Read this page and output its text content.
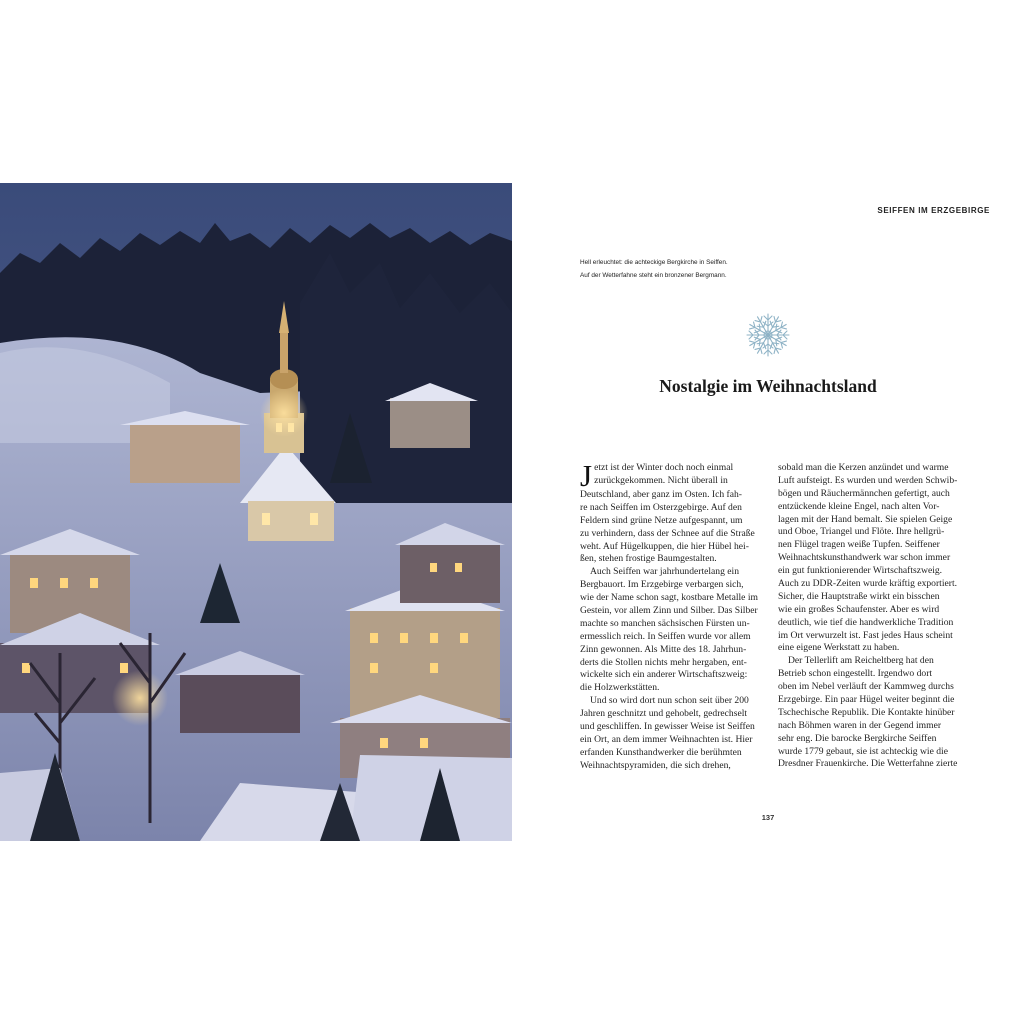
SEIFFEN IM ERZGEBIRGE
Hell erleuchtet: die achteckige Bergkirche in Seiffen.
Auf der Wetterfahne steht ein bronzener Bergmann.
Nostalgie im Weihnachtsland
J etzt ist der Winter doch noch einmal
zurückgekommen. Nicht überall in
Deutschland, aber ganz im Osten. Ich fah-
re nach Seiffen im Osterzgebirge. Auf den
Feldern sind grüne Netze aufgespannt, um
zu verhindern, dass der Schnee auf die Straße
weht. Auf Hügelkuppen, die hier Hübel hei-
ßen, stehen frostige Baumgestalten.
Auch Seiffen war jahrhundertelang ein
Bergbauort. Im Erzgebirge verbargen sich,
wie der Name schon sagt, kostbare Metalle im
Gestein, vor allem Zinn und Silber. Das Silber
machte so manchen sächsischen Fürsten un-
ermesslich reich. In Seiffen wurde vor allem
Zinn gewonnen. Als Mitte des 18. Jahrhun-
derts die Stollen nichts mehr hergaben, ent-
wickelte sich ein anderer Wirtschaftszweig:
die Holzwerkstätten.
Und so wird dort nun schon seit über 200
Jahren geschnitzt und gehobelt, gedrechselt
und geschliffen. In gewisser Weise ist Seiffen
ein Ort, an dem immer Weihnachten ist. Hier
erfanden Kunsthandwerker die berühmten
Weihnachtspyramiden, die sich drehen,
sobald man die Kerzen anzündet und warme
Luft aufsteigt. Es wurden und werden Schwib-
bögen und Räuchermännchen gefertigt, auch
entzückende kleine Engel, nach alten Vor-
lagen mit der Hand bemalt. Sie spielen Geige
und Oboe, Triangel und Flöte. Ihre hellgrü-
nen Flügel tragen weiße Tupfen. Seiffener
Weihnachtskunsthandwerk war schon immer
ein gut funktionierender Wirtschaftszweig.
Auch zu DDR-Zeiten wurde kräftig exportiert.
Sicher, die Hauptstraße wirkt ein bisschen
wie ein großes Schaufenster. Aber es wird
deutlich, wie tief die handwerkliche Tradition
im Ort verwurzelt ist. Fast jedes Haus scheint
eine eigene Werkstatt zu haben.
Der Tellerlift am Reicheltberg hat den
Betrieb schon eingestellt. Irgendwo dort
oben im Nebel verläuft der Kammweg durchs
Erzgebirge. Ein paar Hügel weiter beginnt die
Tschechische Republik. Die Kontakte hinüber
nach Böhmen waren in der Gegend immer
sehr eng. Die barocke Bergkirche Seiffen
wurde 1779 gebaut, sie ist achteckig wie die
Dresdner Frauenkirche. Die Wetterfahne zierte
137
